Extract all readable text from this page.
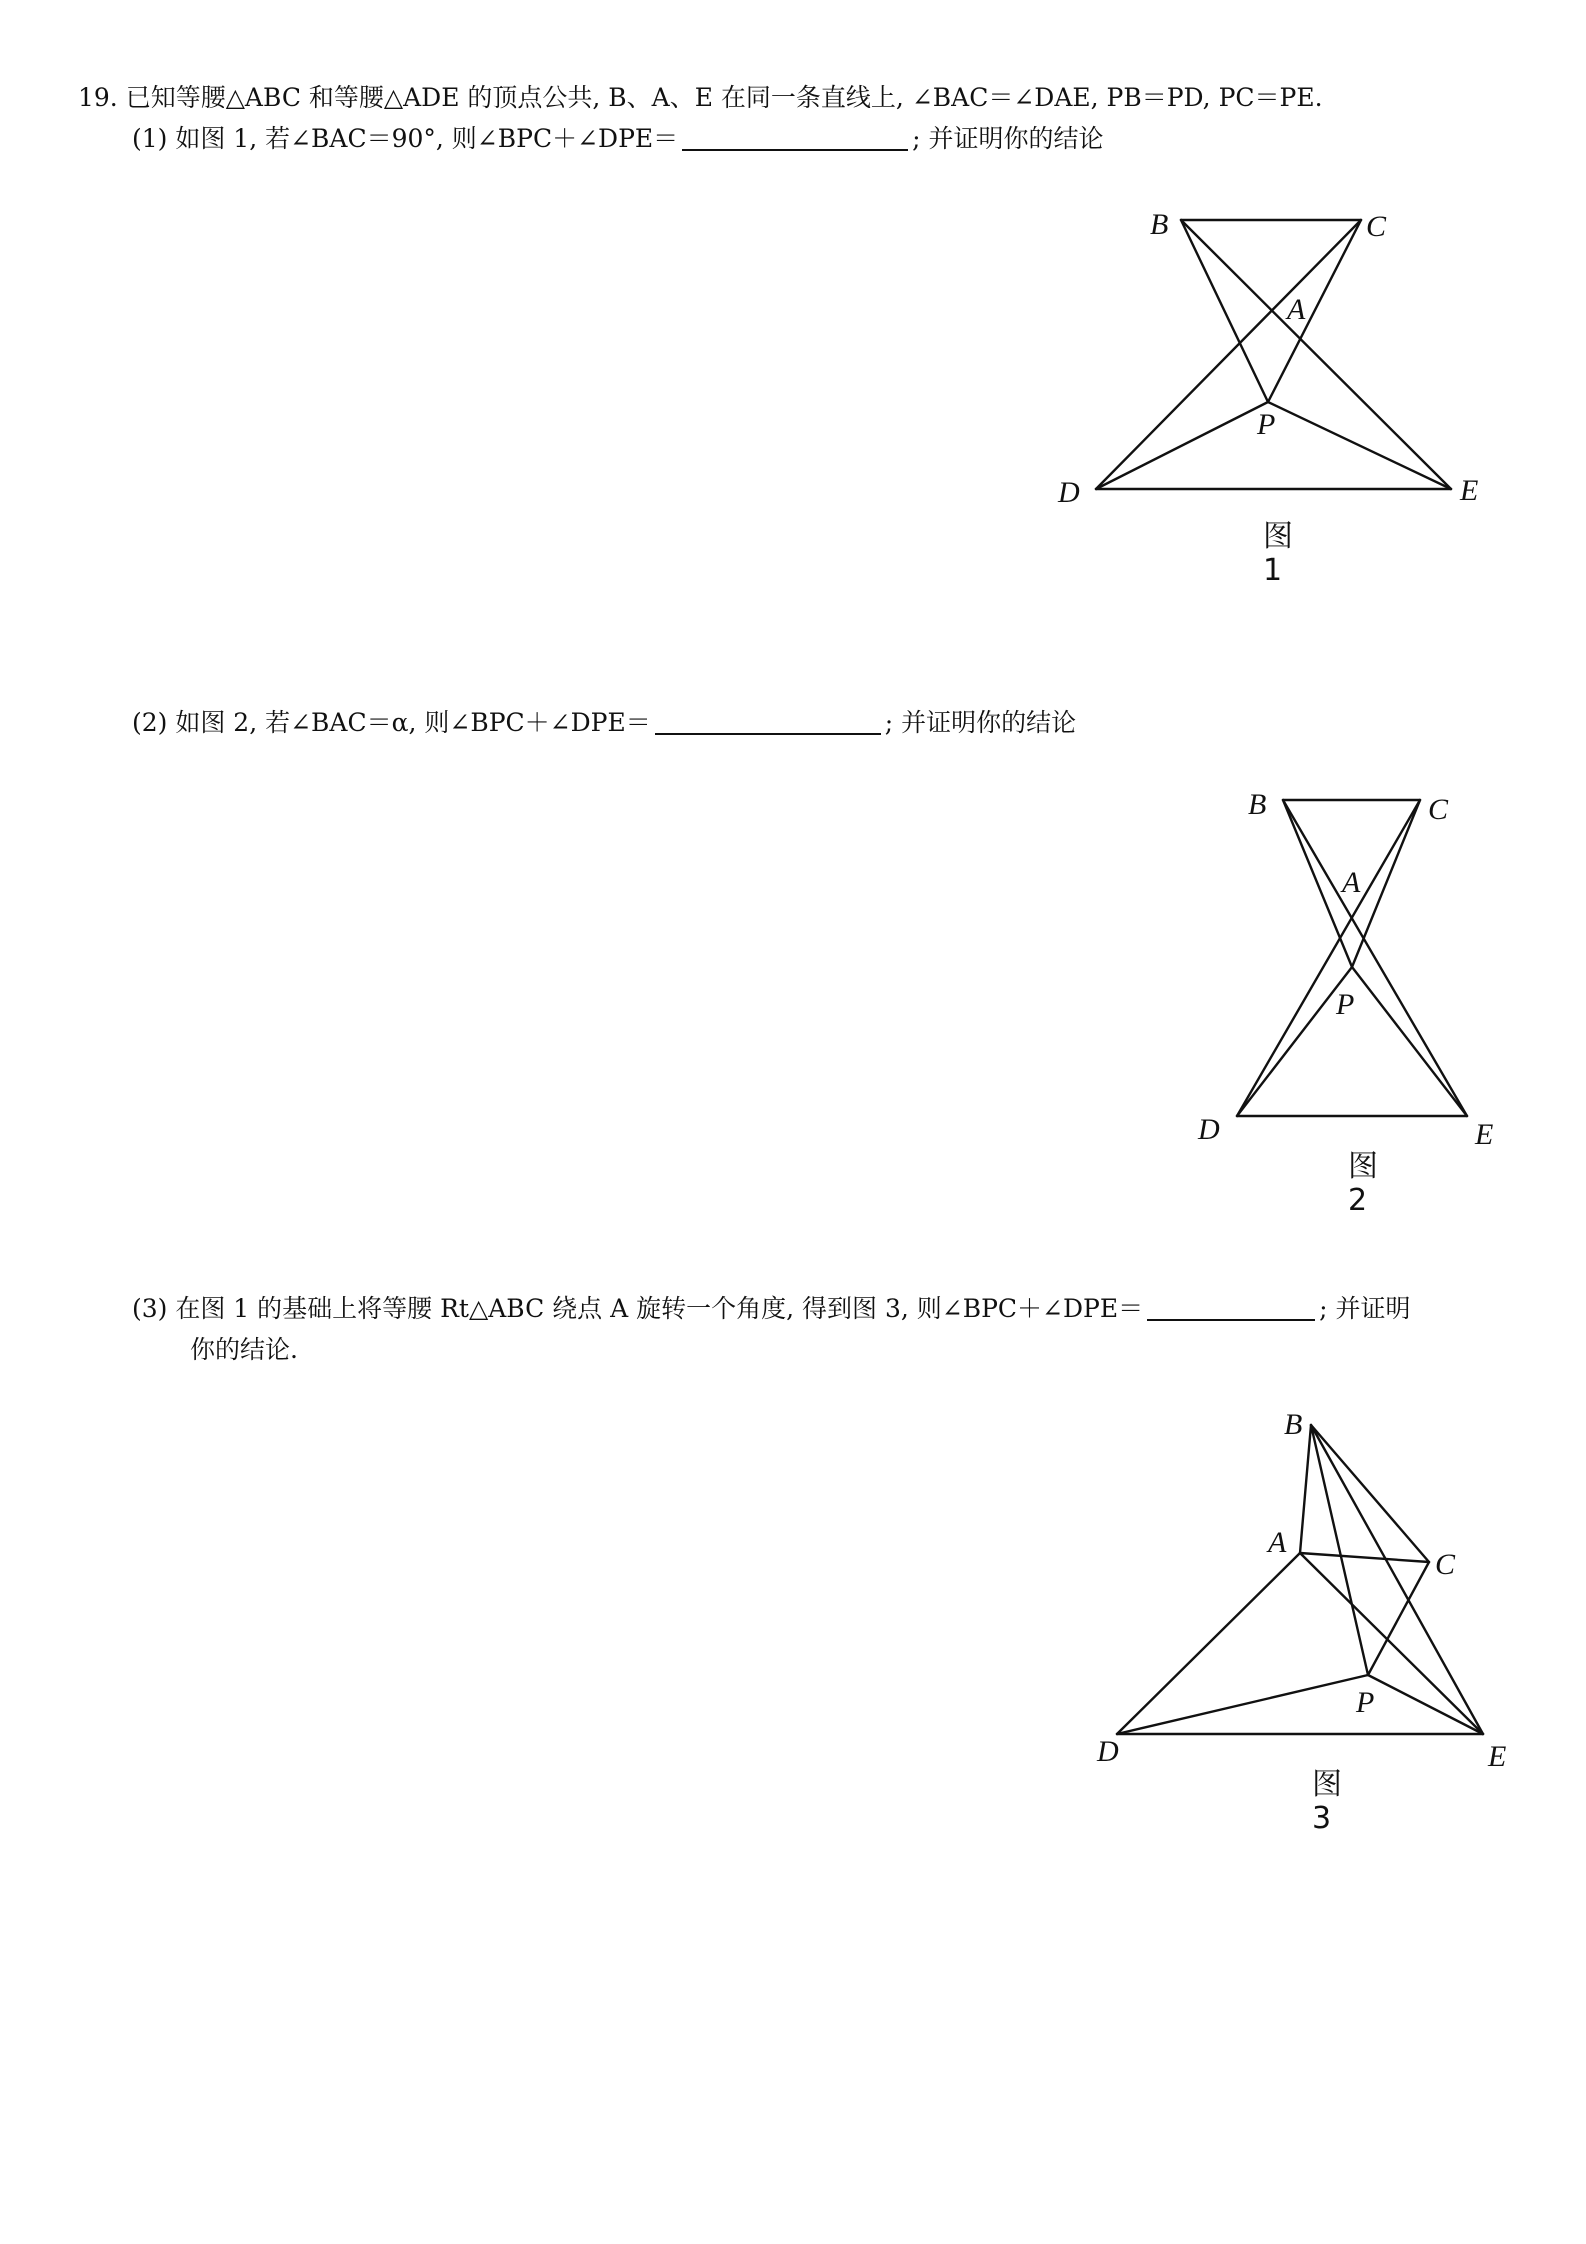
19. 已知等腰△ABC 和等腰△ADE 的顶点公共, B、A、E 在同一条直线上, ∠BAC＝∠DAE, PB＝PD, PC＝PE.
(1) 如图 1, 若∠BAC＝90°, 则∠BPC＋∠DPE＝	; 并证明你的结论
(2) 如图 2, 若∠BAC＝α, 则∠BPC＋∠DPE＝	; 并证明你的结论
(3) 在图 1 的基础上将等腰 Rt△ABC 绕点 A 旋转一个角度, 得到图 3, 则∠BPC＋∠DPE＝	; 并证明
你的结论.
B	C
A
P
D	E
图1
B	C
A
P
D	E
图2
B
C
A
P
D	E
图3
